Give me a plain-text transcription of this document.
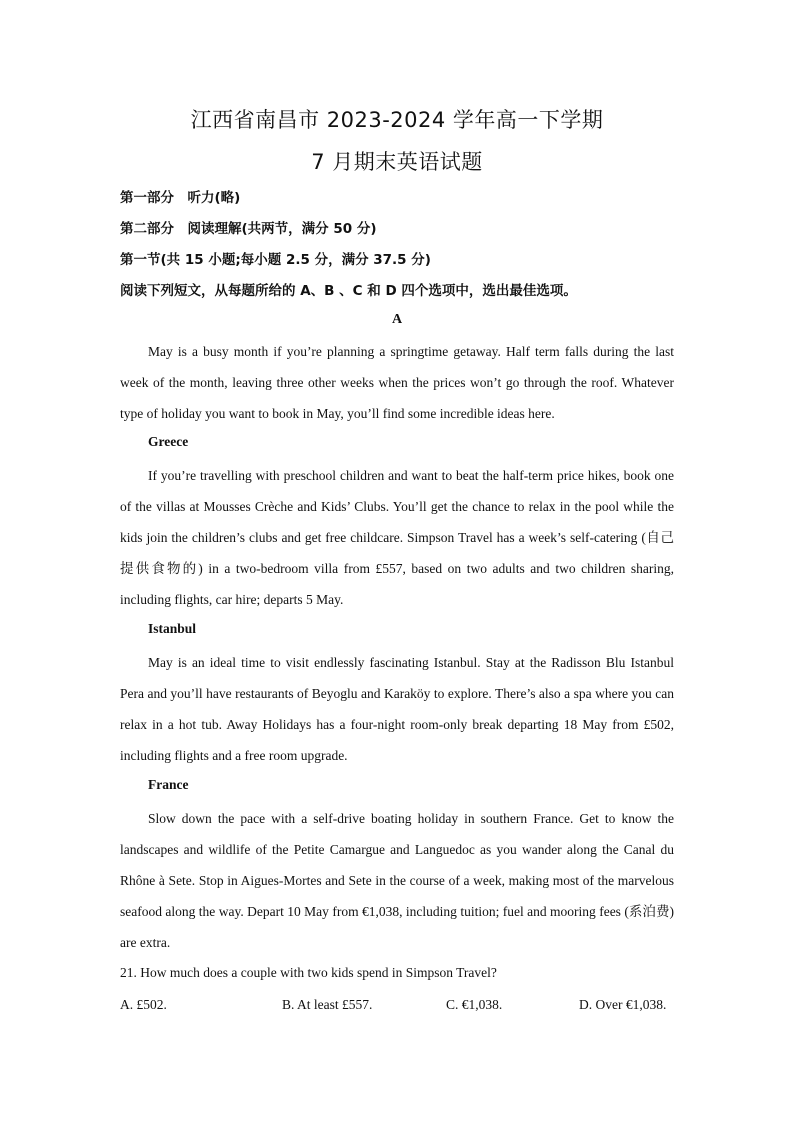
江西省南昌市 2023-2024 学年高一下学期
7 月期末英语试题
第一部分　听力(略)
第二部分　阅读理解(共两节，满分 50 分)
第一节(共 15 小题;每小题 2.5 分，满分 37.5 分)
阅读下列短文，从每题所给的 A、B 、C 和 D 四个选项中，选出最佳选项。
A

May is a busy month if you’re planning a springtime getaway. Half term falls during the last week of the month, leaving three other weeks when the prices won’t go through the roof. Whatever type of holiday you want to book in May, you’ll find some incredible ideas here.

Greece

If you’re travelling with preschool children and want to beat the half-term price hikes, book one of the villas at Mousses Crèche and Kids’ Clubs. You’ll get the chance to relax in the pool while the kids join the children’s clubs and get free childcare. Simpson Travel has a week’s self-catering (自己提供食物的) in a two-bedroom villa from £557, based on two adults and two children sharing, including flights, car hire; departs 5 May.

Istanbul

May is an ideal time to visit endlessly fascinating Istanbul. Stay at the Radisson Blu Istanbul Pera and you’ll have restaurants of Beyoglu and Karaköy to explore. There’s also a spa where you can relax in a hot tub. Away Holidays has a four-night room-only break departing 18 May from £502, including flights and a free room upgrade.

France

Slow down the pace with a self-drive boating holiday in southern France. Get to know the landscapes and wildlife of the Petite Camargue and Languedoc as you wander along the Canal du Rhône à Sete. Stop in Aigues-Mortes and Sete in the course of a week, making most of the marvelous seafood along the way. Depart 10 May from €1,038, including tuition; fuel and mooring fees (系泊费) are extra.

21. How much does a couple with two kids spend in Simpson Travel?
A. £502.	B. At least £557.	C. €1,038.	D. Over €1,038.
